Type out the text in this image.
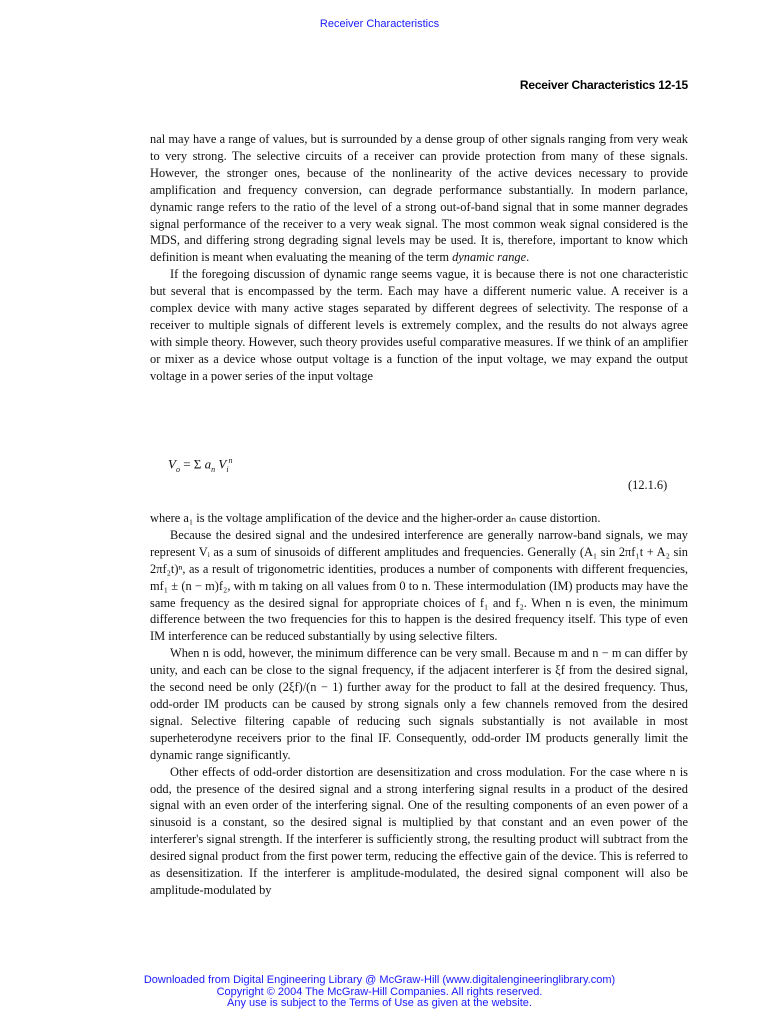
Receiver Characteristics
Receiver Characteristics 12-15

nal may have a range of values, but is surrounded by a dense group of other signals ranging from very weak to very strong. The selective circuits of a receiver can provide protection from many of these signals. However, the stronger ones, because of the nonlinearity of the active devices necessary to provide amplification and frequency conversion, can degrade performance substantially. In modern parlance, dynamic range refers to the ratio of the level of a strong out-of-band signal that in some manner degrades signal performance of the receiver to a very weak signal. The most common weak signal considered is the MDS, and differing strong degrading signal levels may be used. It is, therefore, important to know which definition is meant when evaluating the meaning of the term dynamic range.

If the foregoing discussion of dynamic range seems vague, it is because there is not one characteristic but several that is encompassed by the term. Each may have a different numeric value. A receiver is a complex device with many active stages separated by different degrees of selectivity. The response of a receiver to multiple signals of different levels is extremely complex, and the results do not always agree with simple theory. However, such theory provides useful comparative measures. If we think of an amplifier or mixer as a device whose output voltage is a function of the input voltage, we may expand the output voltage in a power series of the input voltage

$V_o = \Sigma$ $a_n$ $V_i^n$
(12.1.6)

where a₁ is the voltage amplification of the device and the higher-order aₙ cause distortion.

Because the desired signal and the undesired interference are generally narrow-band signals, we may represent Vᵢ as a sum of sinusoids of different amplitudes and frequencies. Generally (A₁ sin 2πf₁t + A₂ sin 2πf₂t)ⁿ, as a result of trigonometric identities, produces a number of components with different frequencies, mf₁ ± (n − m)f₂, with m taking on all values from 0 to n. These intermodulation (IM) products may have the same frequency as the desired signal for appropriate choices of f₁ and f₂. When n is even, the minimum difference between the two frequencies for this to happen is the desired frequency itself. This type of even IM interference can be reduced substantially by using selective filters.

When n is odd, however, the minimum difference can be very small. Because m and n − m can differ by unity, and each can be close to the signal frequency, if the adjacent interferer is ξf from the desired signal, the second need be only (2ξf)/(n − 1) further away for the product to fall at the desired frequency. Thus, odd-order IM products can be caused by strong signals only a few channels removed from the desired signal. Selective filtering capable of reducing such signals substantially is not available in most superheterodyne receivers prior to the final IF. Consequently, odd-order IM products generally limit the dynamic range significantly.

Other effects of odd-order distortion are desensitization and cross modulation. For the case where n is odd, the presence of the desired signal and a strong interfering signal results in a product of the desired signal with an even order of the interfering signal. One of the resulting components of an even power of a sinusoid is a constant, so the desired signal is multiplied by that constant and an even power of the interferer's signal strength. If the interferer is sufficiently strong, the resulting product will subtract from the desired signal product from the first power term, reducing the effective gain of the device. This is referred to as desensitization. If the interferer is amplitude-modulated, the desired signal component will also be amplitude-modulated by

Downloaded from Digital Engineering Library @ McGraw-Hill (www.digitalengineeringlibrary.com)
Copyright © 2004 The McGraw-Hill Companies. All rights reserved.
Any use is subject to the Terms of Use as given at the website.
